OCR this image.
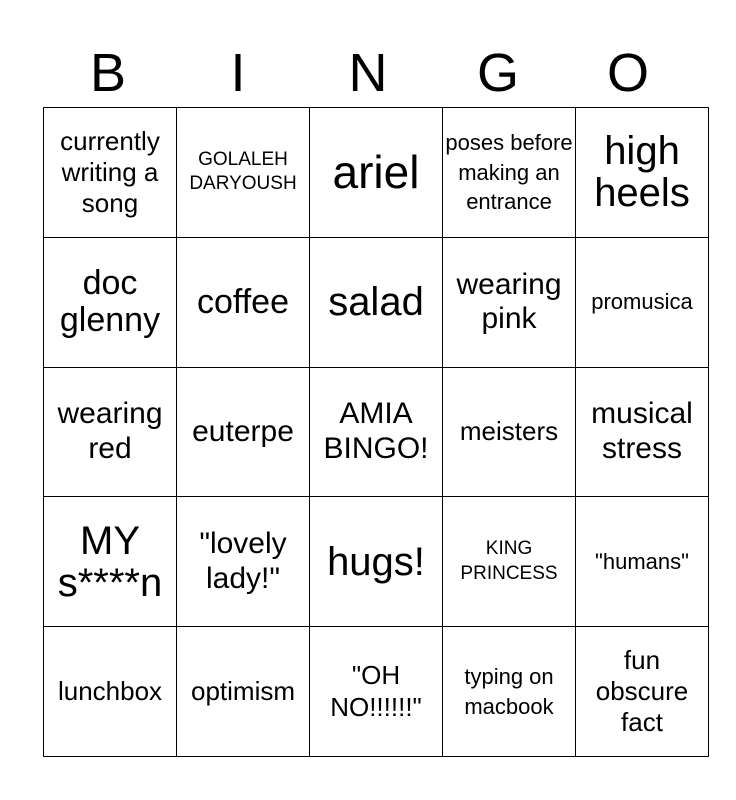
B	I	N	G	O
currently writing a song	GOLALEH DARYOUSH	ariel	poses before making an entrance	high heels

doc glenny	coffee	salad	wearing pink	promusica

wearing red	euterpe	AMIA BINGO!	meisters	musical stress

MY s****n	"lovely lady!"	hugs!	KING PRINCESS	"humans"

lunchbox	optimism	"OH NO!!!!!!"	typing on macbook	fun obscure fact
